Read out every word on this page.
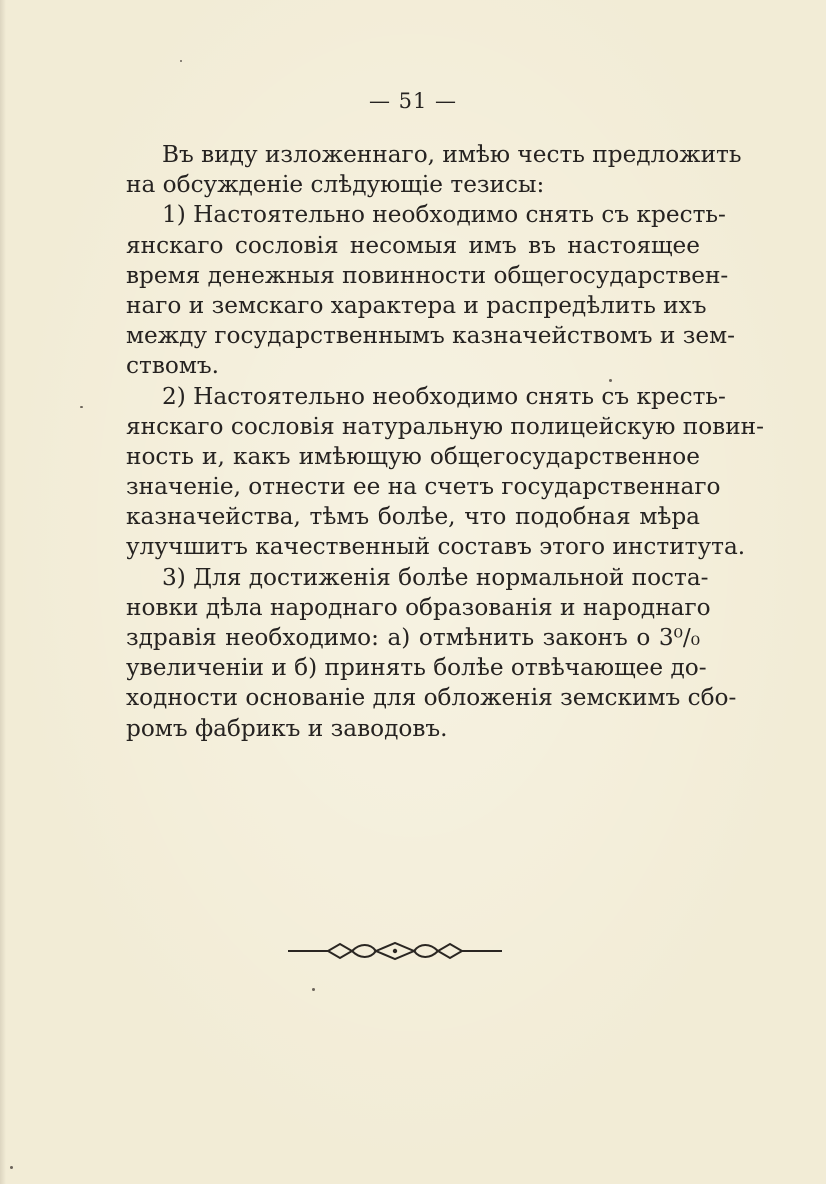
— 51 —
Въ виду изложеннаго, имѣю честь предложить
на обсужденіе слѣдующіе тезисы:
1) Настоятельно необходимо снять съ кресть-
янскаго сословія несомыя имъ въ настоящее
время денежныя повинности общегосударствен-
наго и земскаго характера и распредѣлить ихъ
между государственнымъ казначействомъ и зем-
ствомъ.
2) Настоятельно необходимо снять съ кресть-
янскаго сословія натуральную полицейскую повин-
ность и, какъ имѣющую общегосударственное
значеніе, отнести ее на счетъ государственнаго
казначейства, тѣмъ болѣе, что подобная мѣра
улучшитъ качественный составъ этого института.
3) Для достиженія болѣе нормальной поста-
новки дѣла народнаго образованія и народнаго
здравія необходимо: а) отмѣнить законъ о 3⁰/₀
увеличеніи и б) принять болѣе отвѣчающее до-
ходности основаніе для обложенія земскимъ сбо-
ромъ фабрикъ и заводовъ.
